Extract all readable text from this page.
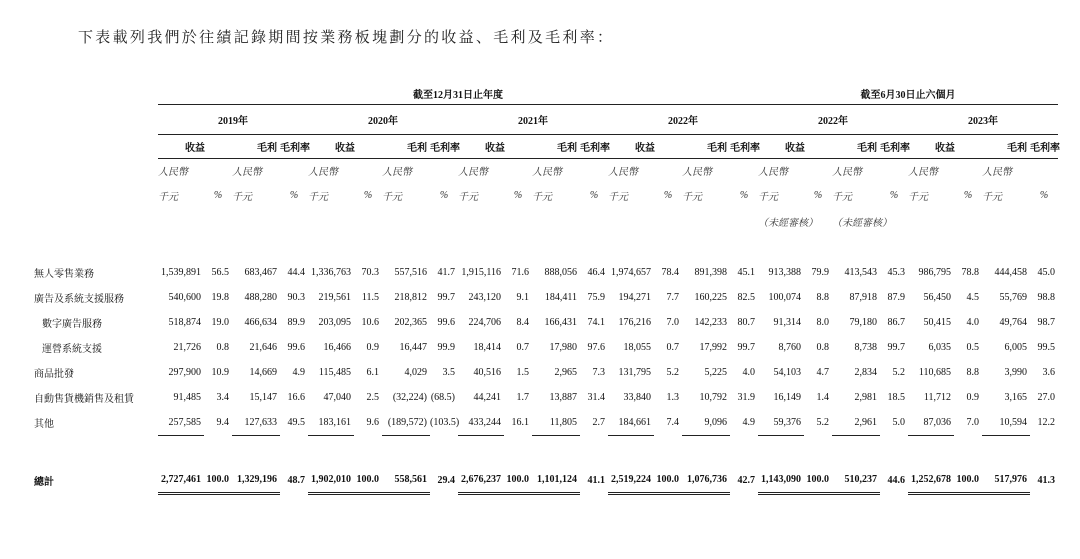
下表載列我們於往績記錄期間按業務板塊劃分的收益、毛利及毛利率：
	截至12月31日止年度																截至6月30日止六個月							
	2019年				2020年				2021年				2022年				2022年				2023年			
	收益		毛利	毛利率	收益		毛利	毛利率	收益		毛利	毛利率	收益		毛利	毛利率	收益		毛利	毛利率	收益		毛利	毛利率
	人民幣		人民幣		人民幣		人民幣		人民幣		人民幣		人民幣		人民幣		人民幣		人民幣		人民幣		人民幣	
	千元	%	千元	%	千元	%	千元	%	千元	%	千元	%	千元	%	千元	%	千元	%	千元	%	千元	%	千元	%
																	（未經審核）		（未經審核）					

無人零售業務	1,539,891	56.5	683,467	44.4	1,336,763	70.3	557,516	41.7	1,915,116	71.6	888,056	46.4	1,974,657	78.4	891,398	45.1	913,388	79.9	413,543	45.3	986,795	78.8	444,458	45.0
廣告及系統支援服務	540,600	19.8	488,280	90.3	219,561	11.5	218,812	99.7	243,120	9.1	184,411	75.9	194,271	7.7	160,225	82.5	100,074	8.8	87,918	87.9	56,450	4.5	55,769	98.8
數字廣告服務	518,874	19.0	466,634	89.9	203,095	10.6	202,365	99.6	224,706	8.4	166,431	74.1	176,216	7.0	142,233	80.7	91,314	8.0	79,180	86.7	50,415	4.0	49,764	98.7
運營系統支援	21,726	0.8	21,646	99.6	16,466	0.9	16,447	99.9	18,414	0.7	17,980	97.6	18,055	0.7	17,992	99.7	8,760	0.8	8,738	99.7	6,035	0.5	6,005	99.5
商品批發	297,900	10.9	14,669	4.9	115,485	6.1	4,029	3.5	40,516	1.5	2,965	7.3	131,795	5.2	5,225	4.0	54,103	4.7	2,834	5.2	110,685	8.8	3,990	3.6
自動售貨機銷售及租賃	91,485	3.4	15,147	16.6	47,040	2.5	(32,224)	(68.5)	44,241	1.7	13,887	31.4	33,840	1.3	10,792	31.9	16,149	1.4	2,981	18.5	11,712	0.9	3,165	27.0
其他	257,585	9.4	127,633	49.5	183,161	9.6	(189,572)	(103.5)	433,244	16.1	11,805	2.7	184,661	7.4	9,096	4.9	59,376	5.2	2,961	5.0	87,036	7.0	10,594	12.2

總計	2,727,461	100.0	1,329,196	48.7	1,902,010	100.0	558,561	29.4	2,676,237	100.0	1,101,124	41.1	2,519,224	100.0	1,076,736	42.7	1,143,090	100.0	510,237	44.6	1,252,678	100.0	517,976	41.3
